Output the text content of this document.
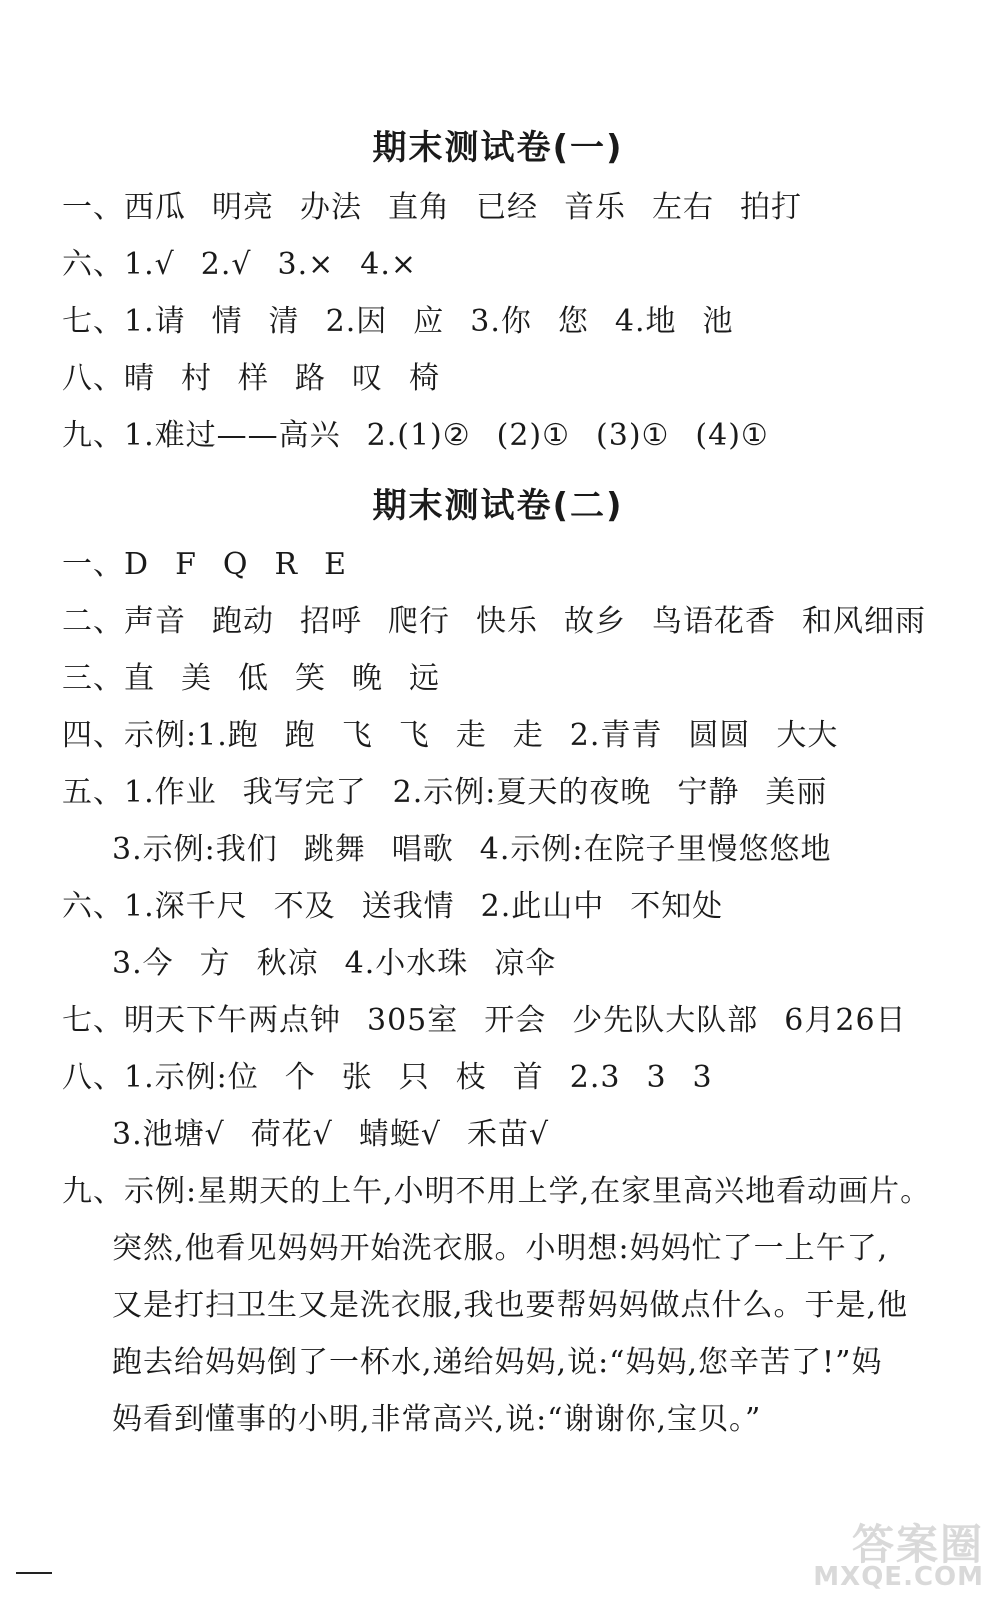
期末测试卷(一)
一、西瓜 明亮 办法 直角 已经 音乐 左右 拍打
六、1.√ 2.√ 3.× 4.×
七、1.请 情 清 2.因 应 3.你 您 4.地 池
八、晴 村 样 路 叹 椅
九、1.难过——高兴 2.(1)② (2)① (3)① (4)①
期末测试卷(二)
一、D F Q R E
二、声音 跑动 招呼 爬行 快乐 故乡 鸟语花香 和风细雨
三、直 美 低 笑 晚 远
四、示例:1.跑 跑 飞 飞 走 走 2.青青 圆圆 大大
五、1.作业 我写完了 2.示例:夏天的夜晚 宁静 美丽
3.示例:我们 跳舞 唱歌 4.示例:在院子里慢悠悠地
六、1.深千尺 不及 送我情 2.此山中 不知处
3.今 方 秋凉 4.小水珠 凉伞
七、明天下午两点钟 305室 开会 少先队大队部 6月26日
八、1.示例:位 个 张 只 枝 首 2.3 3 3
3.池塘√ 荷花√ 蜻蜓√ 禾苗√
九、示例:星期天的上午,小明不用上学,在家里高兴地看动画片。
突然,他看见妈妈开始洗衣服。小明想:妈妈忙了一上午了,
又是打扫卫生又是洗衣服,我也要帮妈妈做点什么。于是,他
跑去给妈妈倒了一杯水,递给妈妈,说:“妈妈,您辛苦了!”妈
妈看到懂事的小明,非常高兴,说:“谢谢你,宝贝。”
答案圈
MXQE.COM
